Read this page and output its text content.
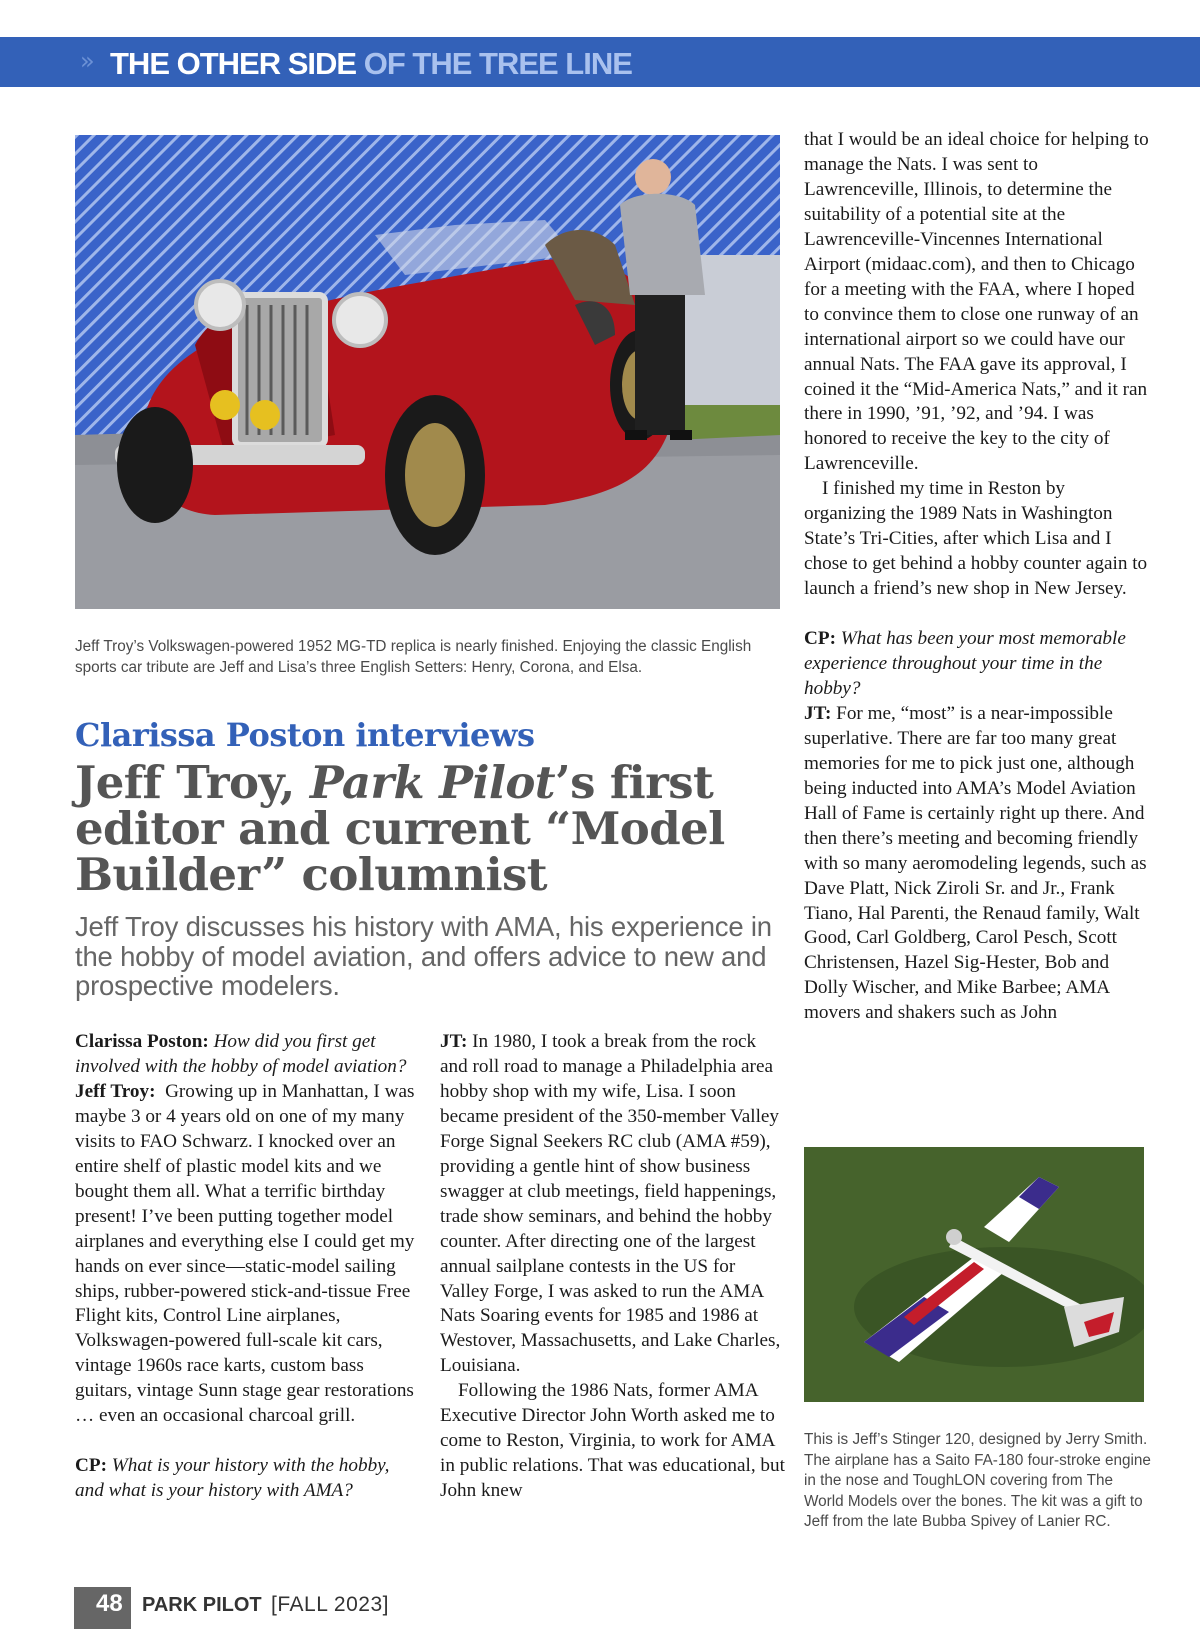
» THE OTHER SIDE OF THE TREE LINE
Jeff Troy’s Volkswagen-powered 1952 MG-TD replica is nearly finished. Enjoying the classic English sports car tribute are Jeff and Lisa’s three English Setters: Henry, Corona, and Elsa.
Clarissa Poston interviews
Jeff Troy, Park Pilot’s first editor and current “Model Builder” columnist
Jeff Troy discusses his history with AMA, his experience in the hobby of model aviation, and offers advice to new and prospective modelers.

Clarissa Poston: How did you first get involved with the hobby of model aviation?

Jeff Troy: Growing up in Manhattan, I was maybe 3 or 4 years old on one of my many visits to FAO Schwarz. I knocked over an entire shelf of plastic model kits and we bought them all. What a terrific birthday present! I’ve been putting together model airplanes and everything else I could get my hands on ever since—static-model sailing ships, rubber-powered stick-and-tissue Free Flight kits, Control Line airplanes, Volkswagen-powered full-scale kit cars, vintage 1960s race karts, custom bass guitars, vintage Sunn stage gear restorations … even an occasional charcoal grill.

CP: What is your history with the hobby, and what is your history with AMA?

JT: In 1980, I took a break from the rock and roll road to manage a Philadelphia area hobby shop with my wife, Lisa. I soon became president of the 350-member Valley Forge Signal Seekers RC club (AMA #59), providing a gentle hint of show business swagger at club meetings, field happenings, trade show seminars, and behind the hobby counter. After directing one of the largest annual sailplane contests in the US for Valley Forge, I was asked to run the AMA Nats Soaring events for 1985 and 1986 at Westover, Massachusetts, and Lake Charles, Louisiana.

Following the 1986 Nats, former AMA Executive Director John Worth asked me to come to Reston, Virginia, to work for AMA in public relations. That was educational, but John knew

that I would be an ideal choice for helping to manage the Nats. I was sent to Lawrenceville, Illinois, to determine the suitability of a potential site at the Lawrenceville-Vincennes International Airport (midaac.com), and then to Chicago for a meeting with the FAA, where I hoped to convince them to close one runway of an international airport so we could have our annual Nats. The FAA gave its approval, I coined it the “Mid-America Nats,” and it ran there in 1990, ’91, ’92, and ’94. I was honored to receive the key to the city of Lawrenceville.

I finished my time in Reston by organizing the 1989 Nats in Washington State’s Tri-Cities, after which Lisa and I chose to get behind a hobby counter again to launch a friend’s new shop in New Jersey.

CP: What has been your most memorable experience throughout your time in the hobby?

JT: For me, “most” is a near-impossible superlative. There are far too many great memories for me to pick just one, although being inducted into AMA’s Model Aviation Hall of Fame is certainly right up there. And then there’s meeting and becoming friendly with so many aeromodeling legends, such as Dave Platt, Nick Ziroli Sr. and Jr., Frank Tiano, Hal Parenti, the Renaud family, Walt Good, Carl Goldberg, Carol Pesch, Scott Christensen, Hazel Sig-Hester, Bob and Dolly Wischer, and Mike Barbee; AMA movers and shakers such as John

This is Jeff’s Stinger 120, designed by Jerry Smith. The airplane has a Saito FA-180 four-stroke engine in the nose and ToughLON covering from The World Models over the bones. The kit was a gift to Jeff from the late Bubba Spivey of Lanier RC.
48 PARK PILOT [FALL 2023]
